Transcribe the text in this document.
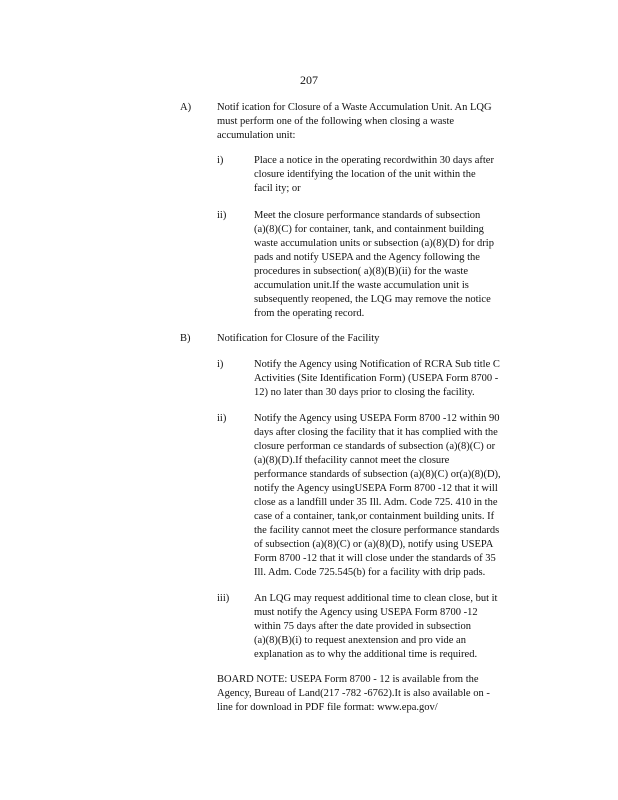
207
A) Notif ication for Closure of a Waste Accumulation Unit. An LQG
must perform one of the following when closing a waste
accumulation unit:
i)	Place a notice in the operating recordwithin 30 days after
closure identifying the location of the unit within the
facil ity; or
ii)	Meet the closure performance standards of subsection
(a)(8)(C) for container, tank, and containment building
waste accumulation units or subsection (a)(8)(D) for drip
pads and notify USEPA and the Agency following the
procedures in subsection( a)(8)(B)(ii) for the waste
accumulation unit.If the waste accumulation unit is
subsequently reopened, the LQG may remove the notice
from the operating record.
B)	Notification for Closure of the Facility
i)	Notify the Agency using Notification of RCRA Sub title C
Activities (Site Identification Form) (USEPA Form 8700 -
12) no later than 30 days prior to closing the facility.
ii)	Notify the Agency using USEPA Form 8700 -12 within 90
days after closing the facility that it has complied with the
closure performan ce standards of subsection (a)(8)(C) or
(a)(8)(D).If thefacility cannot meet the closure
performance standards of subsection (a)(8)(C) or(a)(8)(D),
notify the Agency usingUSEPA Form 8700 -12 that it will
close as a landfill under 35 Ill. Adm. Code 725. 410 in the
case of a container, tank,or containment building units. If
the facility cannot meet the closure performance standards
of subsection (a)(8)(C) or (a)(8)(D), notify using USEPA
Form 8700 -12 that it will close under the standards of 35
Ill. Adm. Code 725.545(b) for a facility with drip pads.
iii) An LQG may request additional time to clean close, but it
must notify the Agency using USEPA Form 8700 -12
within 75 days after the date provided in subsection
(a)(8)(B)(i) to request anextension and pro vide an
explanation as to why the additional time is required.
BOARD NOTE: USEPA Form 8700 - 12 is available from the
Agency, Bureau of Land(217 -782 -6762).It is also available on -
line for download in PDF file format: www.epa.gov/
